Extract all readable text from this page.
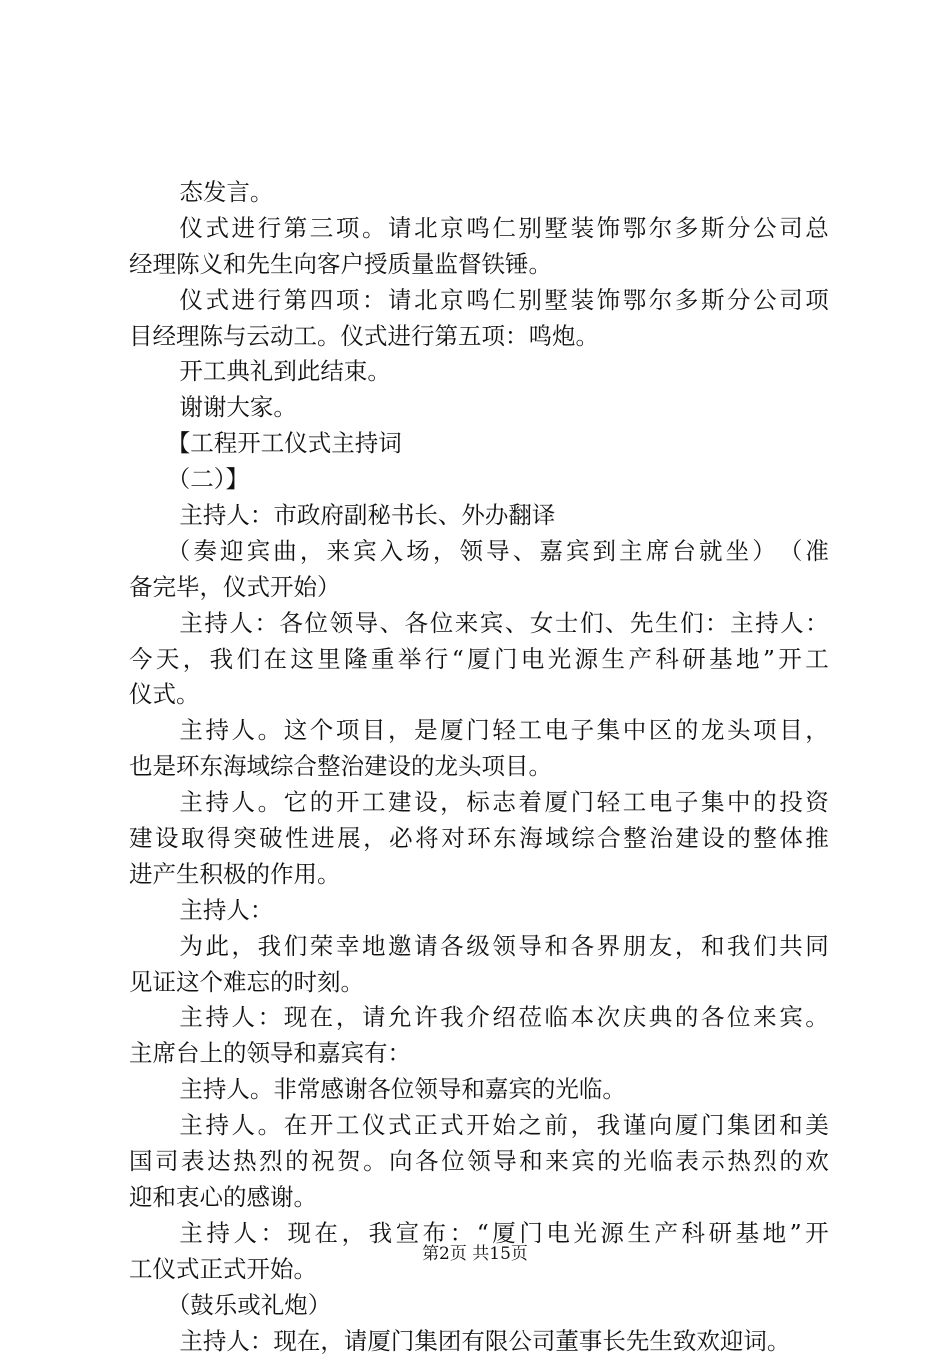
态发言。
仪 式 进 行 第 三 项 。 请 北 京 鸣 仁 别 墅 装 饰 鄂 尔 多 斯 分 公 司 总
经理陈义和先生向客户授质量监督铁锤。
仪 式 进 行 第 四 项 ： 请 北 京 鸣 仁 别 墅 装 饰 鄂 尔 多 斯 分 公 司 项
目经理陈与云动工。仪式进行第五项：鸣炮。
开工典礼到此结束。
谢谢大家。
【工程开工仪式主持词
（二）】
主持人：市政府副秘书长、外办翻译
（ 奏 迎 宾 曲 ， 来 宾 入 场 ， 领 导 、 嘉 宾 到 主 席 台 就 坐 ） （ 准
备完毕，仪式开始）
主 持 人 ： 各 位 领 导 、 各 位 来 宾 、 女 士 们 、 先 生 们 ： 主 持 人 ：
今 天 ， 我 们 在 这 里 隆 重 举 行 “ 厦 门 电 光 源 生 产 科 研 基 地 ” 开 工
仪式。
主 持 人 。 这 个 项 目 ， 是 厦 门 轻 工 电 子 集 中 区 的 龙 头 项 目 ，
也是环东海域综合整治建设的龙头项目。
主 持 人 。 它 的 开 工 建 设 ， 标 志 着 厦 门 轻 工 电 子 集 中 的 投 资
建 设 取 得 突 破 性 进 展 ， 必 将 对 环 东 海 域 综 合 整 治 建 设 的 整 体 推
进产生积极的作用。
主持人：
为 此 ， 我 们 荣 幸 地 邀 请 各 级 领 导 和 各 界 朋 友 ， 和 我 们 共 同
见证这个难忘的时刻。
主 持 人 ： 现 在 ， 请 允 许 我 介 绍 莅 临 本 次 庆 典 的 各 位 来 宾 。
主席台上的领导和嘉宾有：
主持人。非常感谢各位领导和嘉宾的光临。
主 持 人 。 在 开 工 仪 式 正 式 开 始 之 前 ， 我 谨 向 厦 门 集 团 和 美
国 司 表 达 热 烈 的 祝 贺 。 向 各 位 领 导 和 来 宾 的 光 临 表 示 热 烈 的 欢
迎和衷心的感谢。
主 持 人 ： 现 在 ， 我 宣 布 ： “ 厦 门 电 光 源 生 产 科 研 基 地 ” 开
工仪式正式开始。
（鼓乐或礼炮）
主持人：现在，请厦门集团有限公司董事长先生致欢迎词。
第2页 共15页
